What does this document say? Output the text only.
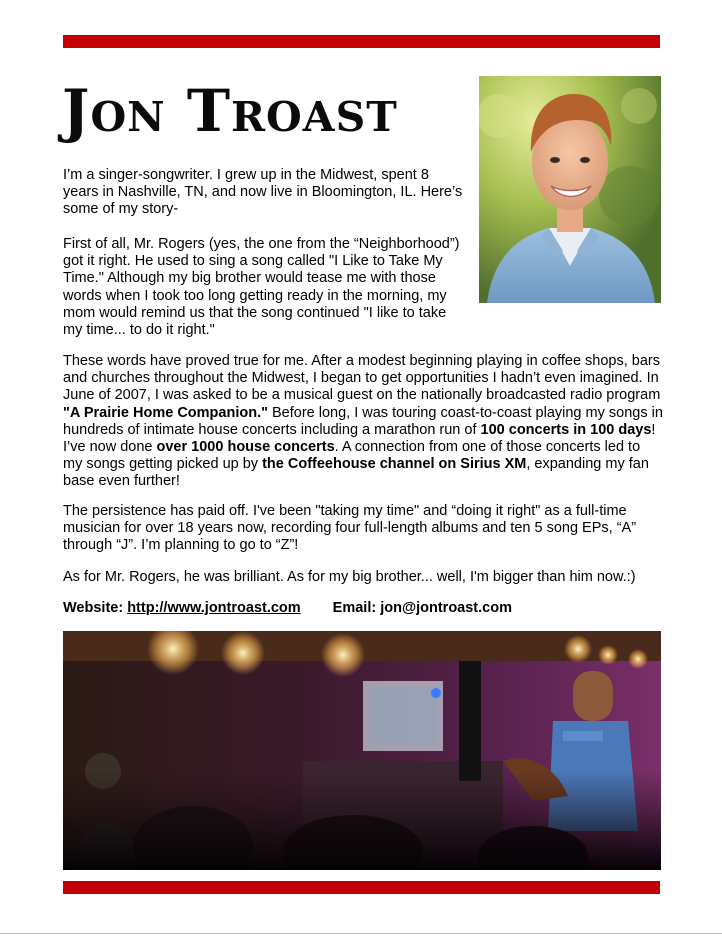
Jon Troast

I’m a singer-songwriter. I grew up in the Midwest, spent 8 years in Nashville, TN, and now live in Bloomington, IL. Here’s some of my story-

First of all, Mr. Rogers (yes, the one from the “Neighborhood”) got it right. He used to sing a song called "I Like to Take My Time." Although my big brother would tease me with those words when I took too long getting ready in the morning, my mom would remind us that the song continued "I like to take my time... to do it right."

These words have proved true for me. After a modest beginning playing in coffee shops, bars and churches throughout the Midwest, I began to get opportunities I hadn’t even imagined. In June of 2007, I was asked to be a musical guest on the nationally broadcasted radio program "A Prairie Home Companion." Before long, I was touring coast-to-coast playing my songs in hundreds of intimate house concerts including a marathon run of 100 concerts in 100 days! I’ve now done over 1000 house concerts. A connection from one of those concerts led to my songs getting picked up by the Coffeehouse channel on Sirius XM, expanding my fan base even further!

The persistence has paid off. I've been "taking my time" and “doing it right" as a full-time musician for over 18 years now, recording four full-length albums and ten 5 song EPs, “A” through “J”. I’m planning to go to “Z”!

As for Mr. Rogers, he was brilliant. As for my big brother... well, I'm bigger than him now.:)

Website: http://www.jontroast.com Email: jon@jontroast.com
